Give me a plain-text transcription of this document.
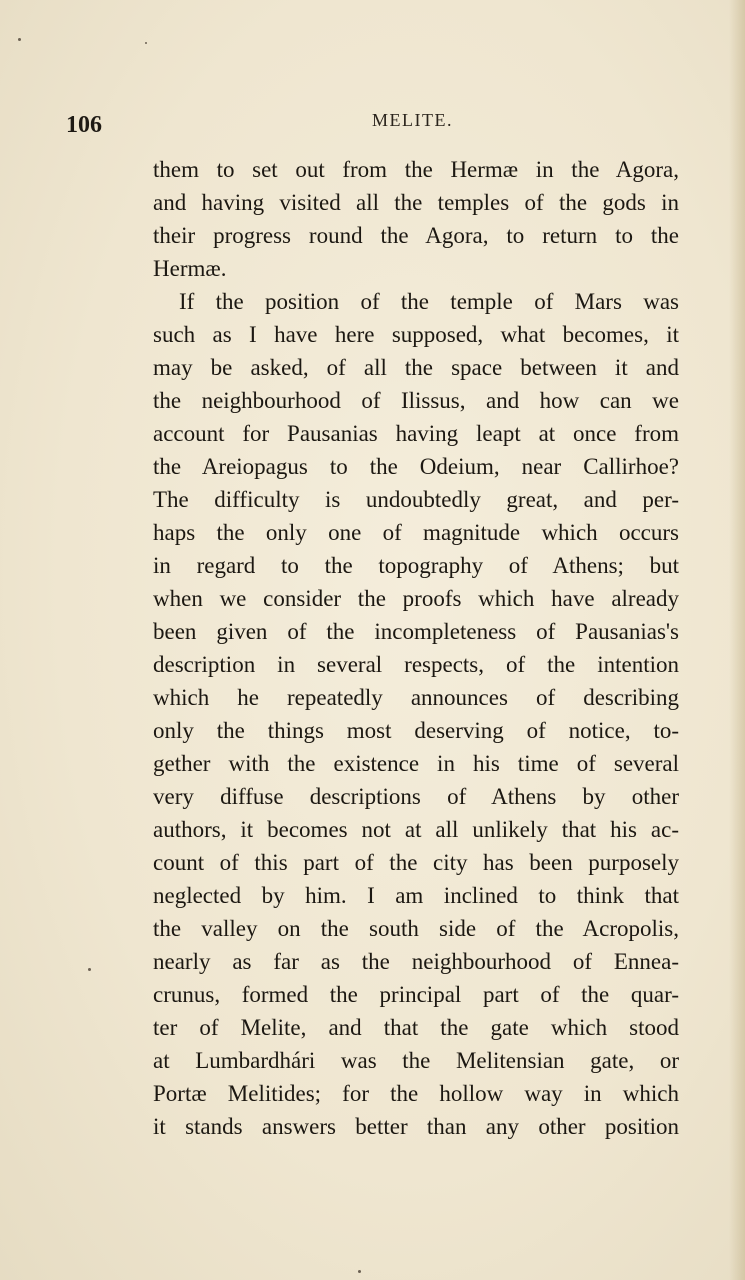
106	MELITE.
them to set out from the Hermæ in the Agora,
and having visited all the temples of the gods in
their progress round the Agora, to return to the
Hermæ.
If the position of the temple of Mars was
such as I have here supposed, what becomes, it
may be asked, of all the space between it and
the neighbourhood of Ilissus, and how can we
account for Pausanias having leapt at once from
the Areiopagus to the Odeium, near Callirhoe?
The difficulty is undoubtedly great, and per-
haps the only one of magnitude which occurs
in regard to the topography of Athens; but
when we consider the proofs which have already
been given of the incompleteness of Pausanias's
description in several respects, of the intention
which he repeatedly announces of describing
only the things most deserving of notice, to-
gether with the existence in his time of several
very diffuse descriptions of Athens by other
authors, it becomes not at all unlikely that his ac-
count of this part of the city has been purposely
neglected by him. I am inclined to think that
the valley on the south side of the Acropolis,
nearly as far as the neighbourhood of Ennea-
crunus, formed the principal part of the quar-
ter of Melite, and that the gate which stood
at Lumbardhári was the Melitensian gate, or
Portæ Melitides; for the hollow way in which
it stands answers better than any other position
